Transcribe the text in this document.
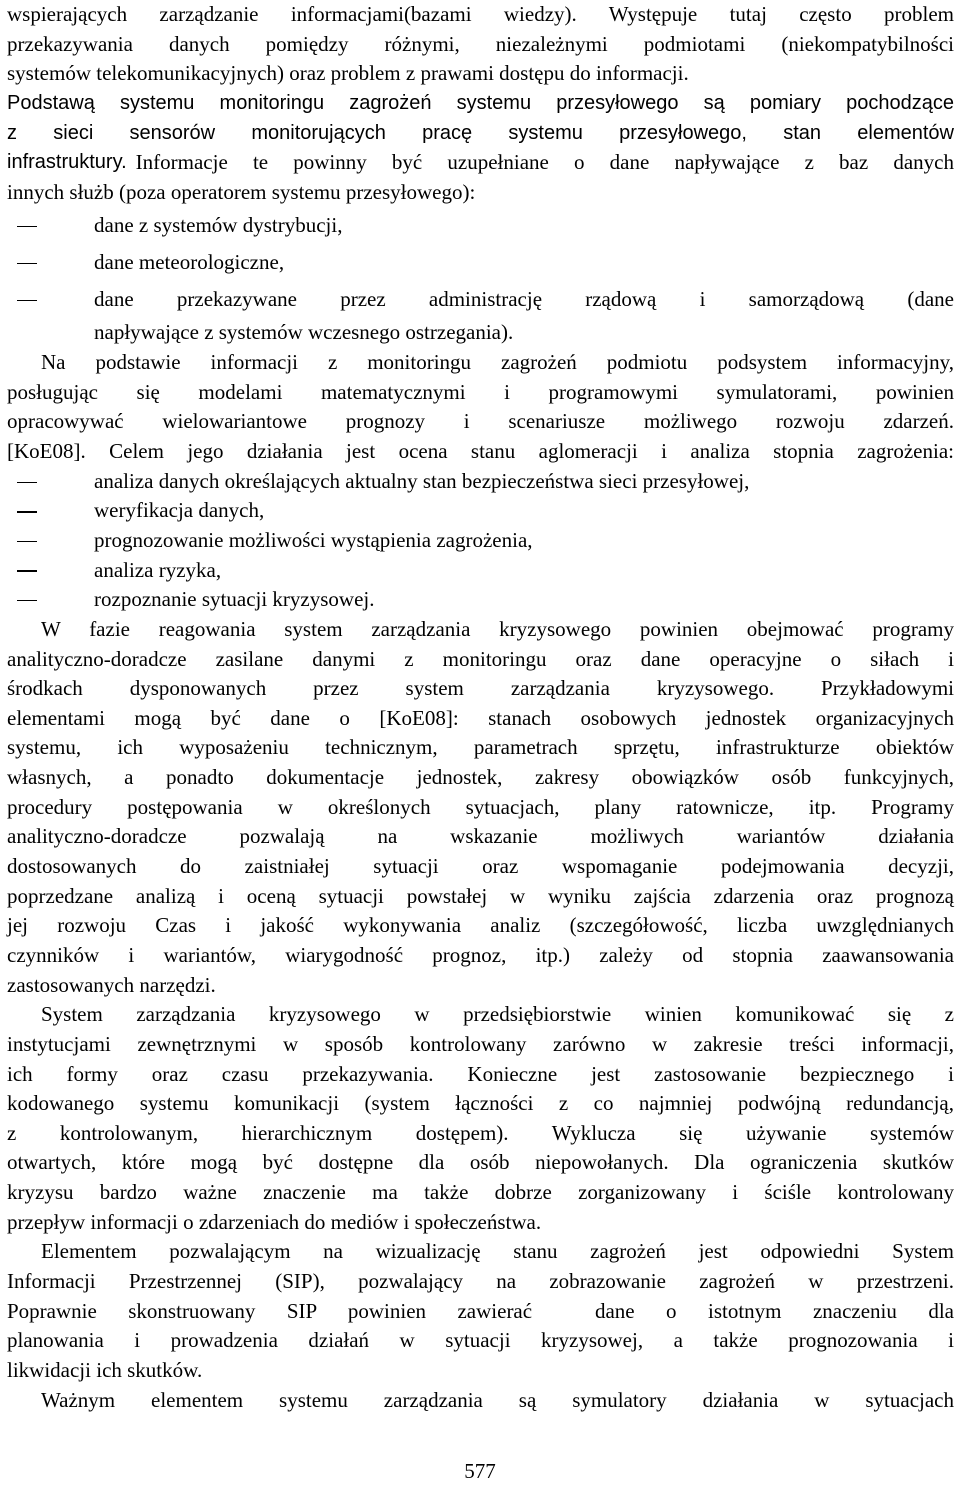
wspierających zarządzanie informacjami(bazami wiedzy). Występuje tutaj często problem
przekazywania danych pomiędzy różnymi, niezależnymi podmiotami (niekompatybilności
systemów telekomunikacyjnych) oraz problem z prawami dostępu do informacji.
Podstawą systemu monitoringu zagrożeń systemu przesyłowego są pomiary pochodzące
z sieci sensorów monitorujących pracę systemu przesyłowego, stan elementów
infrastruktury. Informacje te powinny być uzupełniane o dane napływające z baz danych
innych służb (poza operatorem systemu przesyłowego):
dane z systemów dystrybucji,
dane meteorologiczne,
dane przekazywane przez administrację rządową i samorządową (dane
napływające z systemów wczesnego ostrzegania).
Na podstawie informacji z monitoringu zagrożeń podmiotu podsystem informacyjny,
posługując się modelami matematycznymi i programowymi symulatorami, powinien
opracowywać wielowariantowe prognozy i scenariusze możliwego rozwoju zdarzeń.
[KoE08]. Celem jego działania jest ocena stanu aglomeracji i analiza stopnia zagrożenia:
analiza danych określających aktualny stan bezpieczeństwa sieci przesyłowej,
weryfikacja danych,
prognozowanie możliwości wystąpienia zagrożenia,
analiza ryzyka,
rozpoznanie sytuacji kryzysowej.
W fazie reagowania system zarządzania kryzysowego powinien obejmować programy
analityczno-doradcze zasilane danymi z monitoringu oraz dane operacyjne o siłach i
środkach dysponowanych przez system zarządzania kryzysowego. Przykładowymi
elementami mogą być dane o [KoE08]: stanach osobowych jednostek organizacyjnych
systemu, ich wyposażeniu technicznym, parametrach sprzętu, infrastrukturze obiektów
własnych, a ponadto dokumentacje jednostek, zakresy obowiązków osób funkcyjnych,
procedury postępowania w określonych sytuacjach, plany ratownicze, itp. Programy
analityczno-doradcze pozwalają na wskazanie możliwych wariantów działania
dostosowanych do zaistniałej sytuacji oraz wspomaganie podejmowania decyzji,
poprzedzane analizą i oceną sytuacji powstałej w wyniku zajścia zdarzenia oraz prognozą
jej rozwoju Czas i jakość wykonywania analiz (szczegółowość, liczba uwzględnianych
czynników i wariantów, wiarygodność prognoz, itp.) zależy od stopnia zaawansowania
zastosowanych narzędzi.
System zarządzania kryzysowego w przedsiębiorstwie winien komunikować się z
instytucjami zewnętrznymi w sposób kontrolowany zarówno w zakresie treści informacji,
ich formy oraz czasu przekazywania. Konieczne jest zastosowanie bezpiecznego i
kodowanego systemu komunikacji (system łączności z co najmniej podwójną redundancją,
z kontrolowanym, hierarchicznym dostępem). Wyklucza się używanie systemów
otwartych, które mogą być dostępne dla osób niepowołanych. Dla ograniczenia skutków
kryzysu bardzo ważne znaczenie ma także dobrze zorganizowany i ściśle kontrolowany
przepływ informacji o zdarzeniach do mediów i społeczeństwa.
Elementem pozwalającym na wizualizację stanu zagrożeń jest odpowiedni System
Informacji Przestrzennej (SIP), pozwalający na zobrazowanie zagrożeń w przestrzeni.
Poprawnie skonstruowany SIP powinien zawierać  dane o istotnym znaczeniu dla
planowania i prowadzenia działań w sytuacji kryzysowej, a także prognozowania i
likwidacji ich skutków.
Ważnym elementem systemu zarządzania są symulatory działania w sytuacjach
577
